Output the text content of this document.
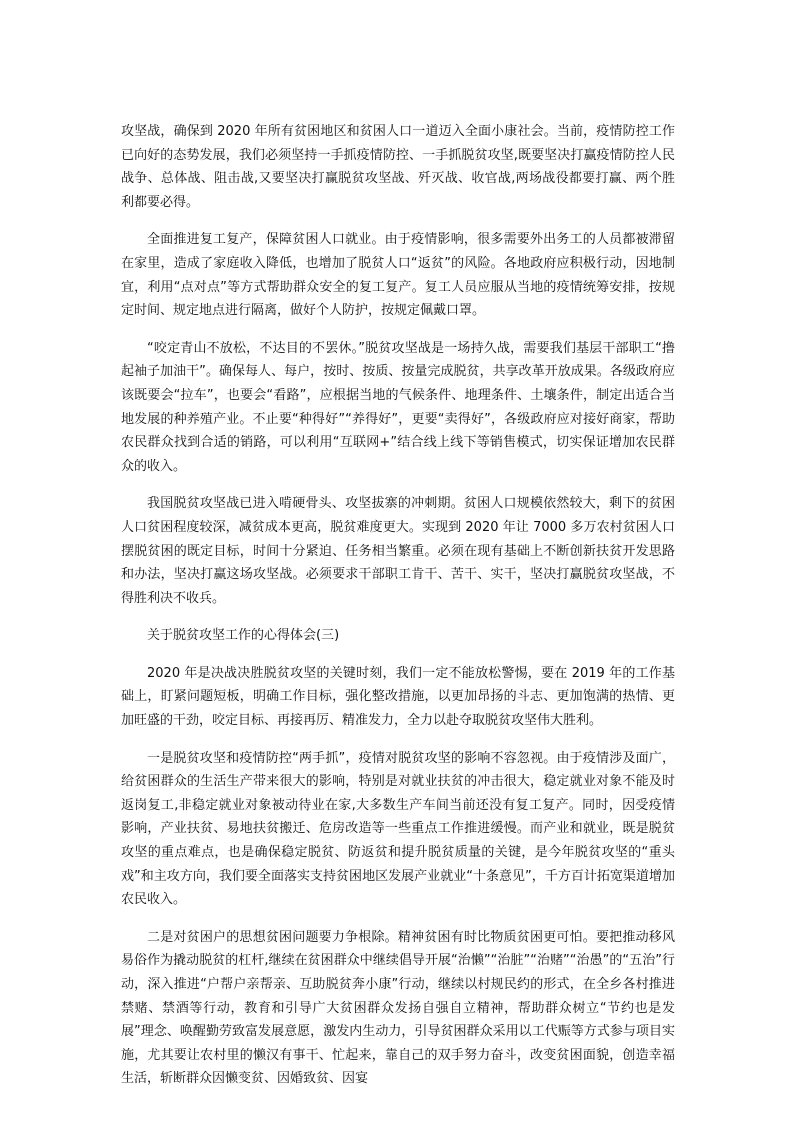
攻坚战，确保到 2020 年所有贫困地区和贫困人口一道迈入全面小康社会。当前，疫情防控工作已向好的态势发展，我们必须坚持一手抓疫情防控、一手抓脱贫攻坚,既要坚决打赢疫情防控人民战争、总体战、阻击战,又要坚决打赢脱贫攻坚战、歼灭战、收官战,两场战役都要打赢、两个胜利都要必得。

全面推进复工复产，保障贫困人口就业。由于疫情影响，很多需要外出务工的人员都被滞留在家里，造成了家庭收入降低，也增加了脱贫人口“返贫”的风险。各地政府应积极行动，因地制宜，利用“点对点”等方式帮助群众安全的复工复产。复工人员应服从当地的疫情统筹安排，按规定时间、规定地点进行隔离，做好个人防护，按规定佩戴口罩。

“咬定青山不放松，不达目的不罢休。”脱贫攻坚战是一场持久战，需要我们基层干部职工“撸起袖子加油干”。确保每人、每户，按时、按质、按量完成脱贫，共享改革开放成果。各级政府应该既要会“拉车”，也要会“看路”，应根据当地的气候条件、地理条件、土壤条件，制定出适合当地发展的种养殖产业。不止要“种得好”“养得好”，更要“卖得好”，各级政府应对接好商家，帮助农民群众找到合适的销路，可以利用“互联网+”结合线上线下等销售模式，切实保证增加农民群众的收入。

我国脱贫攻坚战已进入啃硬骨头、攻坚拔寨的冲刺期。贫困人口规模依然较大，剩下的贫困人口贫困程度较深，减贫成本更高，脱贫难度更大。实现到 2020 年让 7000 多万农村贫困人口摆脱贫困的既定目标，时间十分紧迫、任务相当繁重。必须在现有基础上不断创新扶贫开发思路和办法，坚决打赢这场攻坚战。必须要求干部职工肯干、苦干、实干，坚决打赢脱贫攻坚战，不得胜利决不收兵。

关于脱贫攻坚工作的心得体会(三)

2020 年是决战决胜脱贫攻坚的关键时刻，我们一定不能放松警惕，要在 2019 年的工作基础上，盯紧问题短板，明确工作目标，强化整改措施，以更加昂扬的斗志、更加饱满的热情、更加旺盛的干劲，咬定目标、再接再厉、精准发力，全力以赴夺取脱贫攻坚伟大胜利。

一是脱贫攻坚和疫情防控“两手抓”，疫情对脱贫攻坚的影响不容忽视。由于疫情涉及面广，给贫困群众的生活生产带来很大的影响，特别是对就业扶贫的冲击很大，稳定就业对象不能及时返岗复工,非稳定就业对象被动待业在家,大多数生产车间当前还没有复工复产。同时，因受疫情影响，产业扶贫、易地扶贫搬迁、危房改造等一些重点工作推进缓慢。而产业和就业，既是脱贫攻坚的重点难点，也是确保稳定脱贫、防返贫和提升脱贫质量的关键，是今年脱贫攻坚的“重头戏”和主攻方向，我们要全面落实支持贫困地区发展产业就业“十条意见”，千方百计拓宽渠道增加农民收入。

二是对贫困户的思想贫困问题要力争根除。精神贫困有时比物质贫困更可怕。要把推动移风易俗作为撬动脱贫的杠杆,继续在贫困群众中继续倡导开展“治懒”“治脏”“治赌”“治愚”的“五治”行动，深入推进“户帮户亲帮亲、互助脱贫奔小康”行动，继续以村规民约的形式，在全乡各村推进禁赌、禁酒等行动，教育和引导广大贫困群众发扬自强自立精神，帮助群众树立“节约也是发展”理念、唤醒勤劳致富发展意愿，激发内生动力，引导贫困群众采用以工代赈等方式参与项目实施，尤其要让农村里的懒汉有事干、忙起来，靠自己的双手努力奋斗，改变贫困面貌，创造幸福生活，斩断群众因懒变贫、因婚致贫、因宴
